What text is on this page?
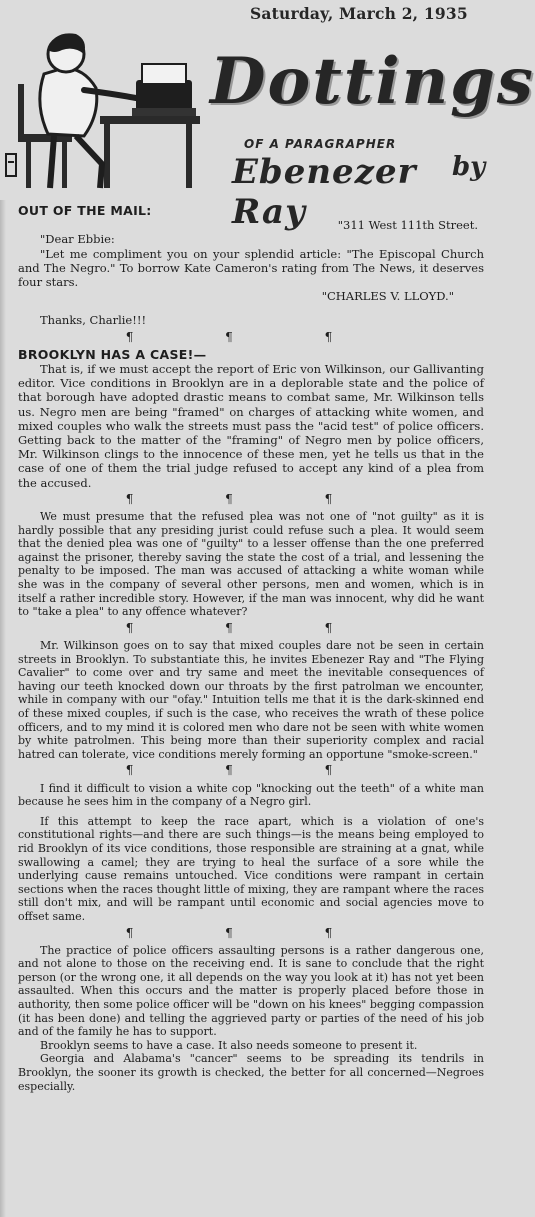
Saturday, March 2, 1935
Dottings
OF A PARAGRAPHER
Ebenezer Ray
by

OUT OF THE MAIL:

"311 West 111th Street.

"Dear Ebbie:

"Let me compliment you on your splendid article: "The Episcopal Church and The Negro." To borrow Kate Cameron's rating from The News, it deserves four stars.

"CHARLES V. LLOYD."

Thanks, Charlie!!!

¶ ¶ ¶

BROOKLYN HAS A CASE!—

That is, if we must accept the report of Eric von Wilkinson, our Gallivanting editor. Vice conditions in Brooklyn are in a deplorable state and the police of that borough have adopted drastic means to combat same, Mr. Wilkinson tells us. Negro men are being "framed" on charges of attacking white women, and mixed couples who walk the streets must pass the "acid test" of police officers. Getting back to the matter of the "framing" of Negro men by police officers, Mr. Wilkinson clings to the innocence of these men, yet he tells us that in the case of one of them the trial judge refused to accept any kind of a plea from the accused.

¶ ¶ ¶

We must presume that the refused plea was not one of "not guilty" as it is hardly possible that any presiding jurist could refuse such a plea. It would seem that the denied plea was one of "guilty" to a lesser offense than the one preferred against the prisoner, thereby saving the state the cost of a trial, and lessening the penalty to be imposed. The man was accused of attacking a white woman while she was in the company of several other persons, men and women, which is in itself a rather incredible story. However, if the man was innocent, why did he want to "take a plea" to any offence whatever?

¶ ¶ ¶

Mr. Wilkinson goes on to say that mixed couples dare not be seen in certain streets in Brooklyn. To substantiate this, he invites Ebenezer Ray and "The Flying Cavalier" to come over and try same and meet the inevitable consequences of having our teeth knocked down our throats by the first patrolman we encounter, while in company with our "ofay." Intuition tells me that it is the dark-skinned end of these mixed couples, if such is the case, who receives the wrath of these police officers, and to my mind it is colored men who dare not be seen with white women by white patrolmen. This being more than their superiority complex and racial hatred can tolerate, vice conditions merely forming an opportune "smoke-screen."

¶ ¶ ¶

I find it difficult to vision a white cop "knocking out the teeth" of a white man because he sees him in the company of a Negro girl.

If this attempt to keep the race apart, which is a violation of one's constitutional rights—and there are such things—is the means being employed to rid Brooklyn of its vice conditions, those responsible are straining at a gnat, while swallowing a camel; they are trying to heal the surface of a sore while the underlying cause remains untouched. Vice conditions were rampant in certain sections when the races thought little of mixing, they are rampant where the races still don't mix, and will be rampant until economic and social agencies move to offset same.

¶ ¶ ¶

The practice of police officers assaulting persons is a rather dangerous one, and not alone to those on the receiving end. It is sane to conclude that the right person (or the wrong one, it all depends on the way you look at it) has not yet been assaulted. When this occurs and the matter is properly placed before those in authority, then some police officer will be "down on his knees" begging compassion (it has been done) and telling the aggrieved party or parties of the need of his job and of the family he has to support.

Brooklyn seems to have a case. It also needs someone to present it.

Georgia and Alabama's "cancer" seems to be spreading its tendrils in Brooklyn, the sooner its growth is checked, the better for all concerned—Negroes especially.
